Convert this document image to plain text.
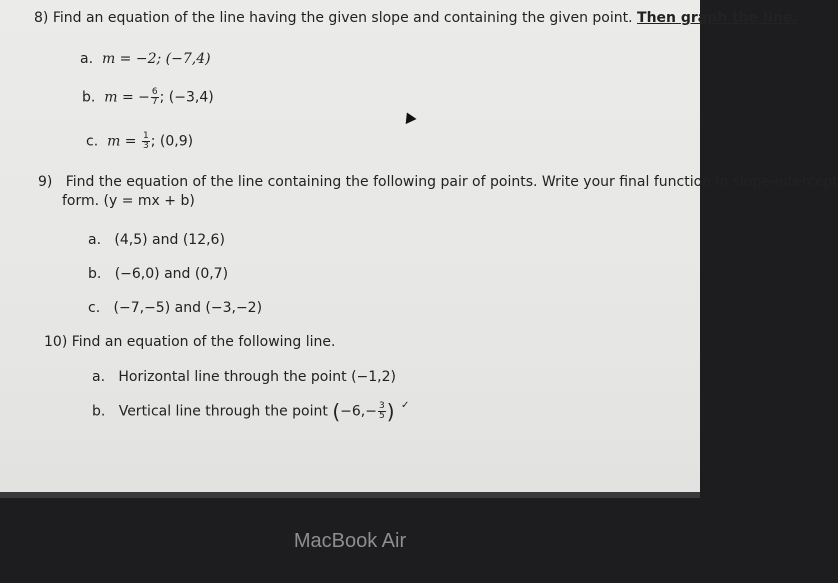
8) Find an equation of the line having the given slope and containing the given point. Then graph the line.
a. m = −2; (−7,4)
b. m = − $\frac{6}{7}$ ; (−3,4)
c. $m = \frac{1}{3}$ ; (0,9)
9) Find the equation of the line containing the following pair of points. Write your final function in slope-intercept
form. (y = mx + b)
a. (4,5) and (12,6)
b. (−6,0) and (0,7)
c. (−7,−5) and (−3,−2)
10) Find an equation of the following line.
a. Horizontal line through the point (−1,2)
b. Vertical line through the point ($-6,- \frac{3}{5}$ ) ✓
MacBook Air
